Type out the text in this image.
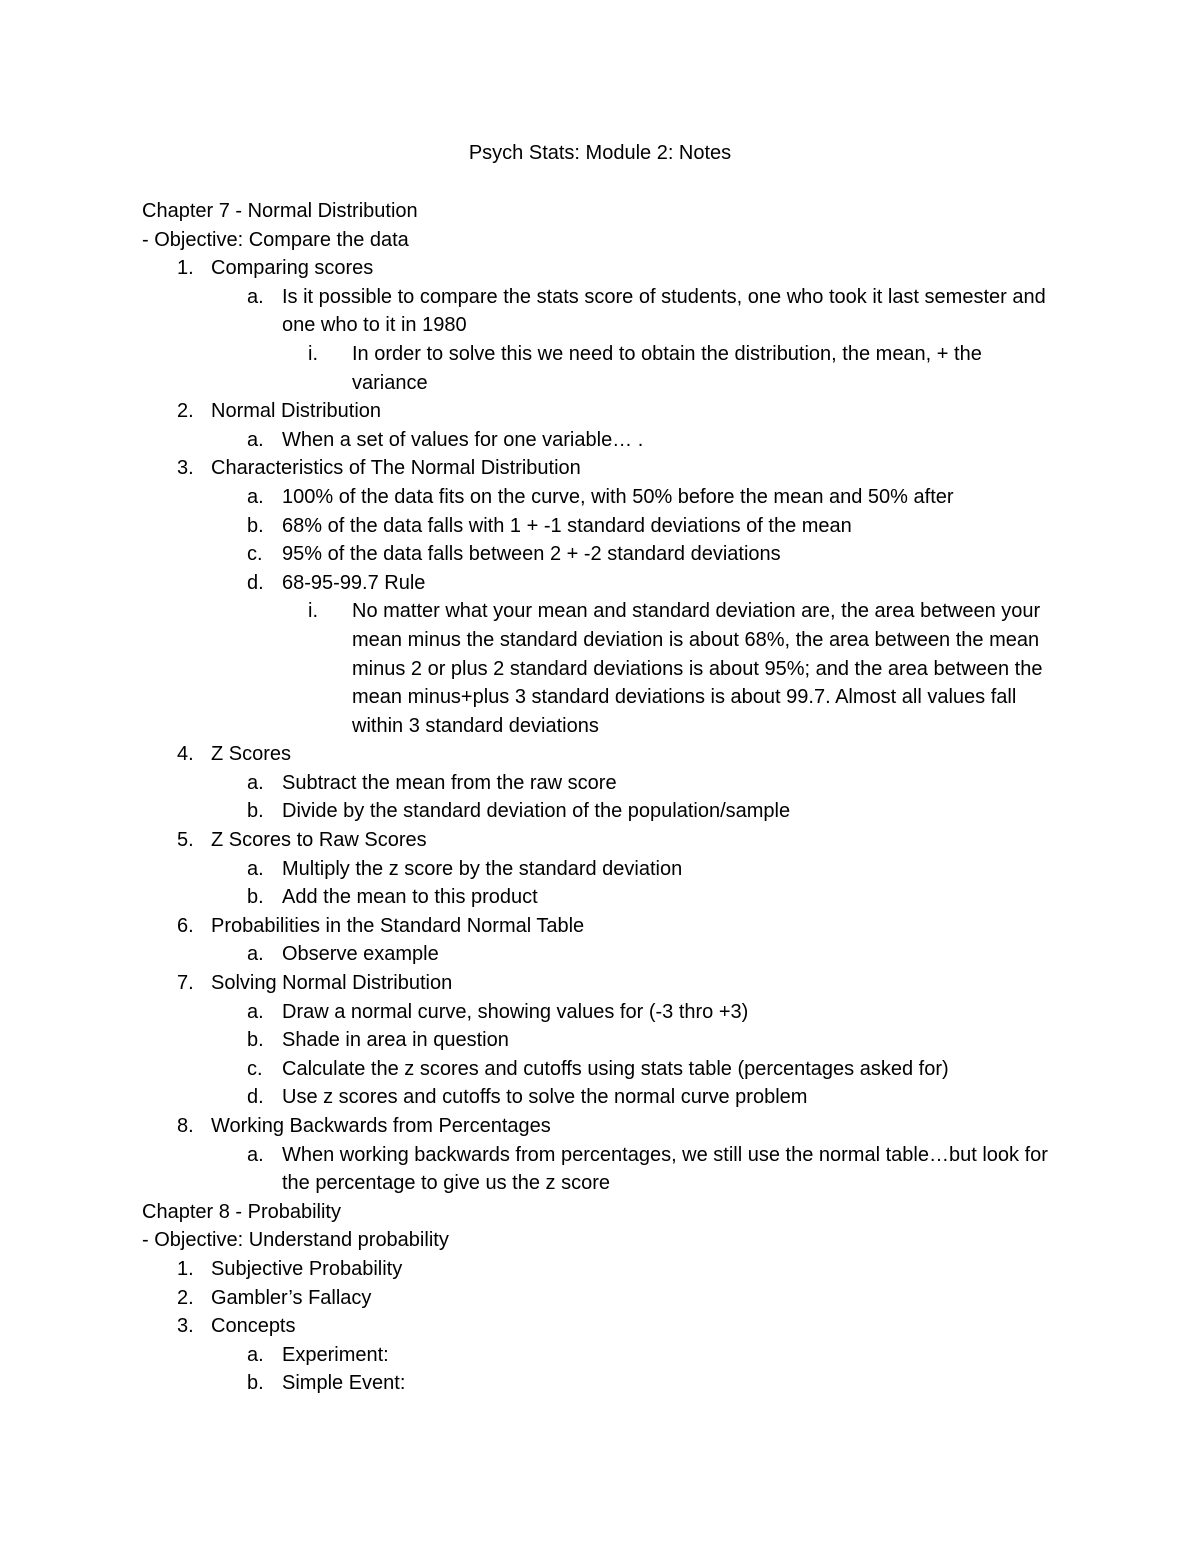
Psych Stats: Module 2: Notes
Chapter 7 - Normal Distribution
- Objective: Compare the data
1. Comparing scores
a. Is it possible to compare the stats score of students, one who took it last semester and one who to it in 1980
i. In order to solve this we need to obtain the distribution, the mean, + the variance
2. Normal Distribution
a. When a set of values for one variable… .
3. Characteristics of The Normal Distribution
a. 100% of the data fits on the curve, with 50% before the mean and 50% after
b. 68% of the data falls with 1 + -1 standard deviations of the mean
c. 95% of the data falls between 2 + -2 standard deviations
d. 68-95-99.7 Rule
i. No matter what your mean and standard deviation are, the area between your mean minus the standard deviation is about 68%, the area between the mean minus 2 or plus 2 standard deviations is about 95%; and the area between the mean minus+plus 3 standard deviations is about 99.7. Almost all values fall within 3 standard deviations
4. Z Scores
a. Subtract the mean from the raw score
b. Divide by the standard deviation of the population/sample
5. Z Scores to Raw Scores
a. Multiply the z score by the standard deviation
b. Add the mean to this product
6. Probabilities in the Standard Normal Table
a. Observe example
7. Solving Normal Distribution
a. Draw a normal curve, showing values for (-3 thro +3)
b. Shade in area in question
c. Calculate the z scores and cutoffs using stats table (percentages asked for)
d. Use z scores and cutoffs to solve the normal curve problem
8. Working Backwards from Percentages
a. When working backwards from percentages, we still use the normal table…but look for the percentage to give us the z score
Chapter 8 - Probability
- Objective: Understand probability
1. Subjective Probability
2. Gambler’s Fallacy
3. Concepts
a. Experiment:
b. Simple Event:
